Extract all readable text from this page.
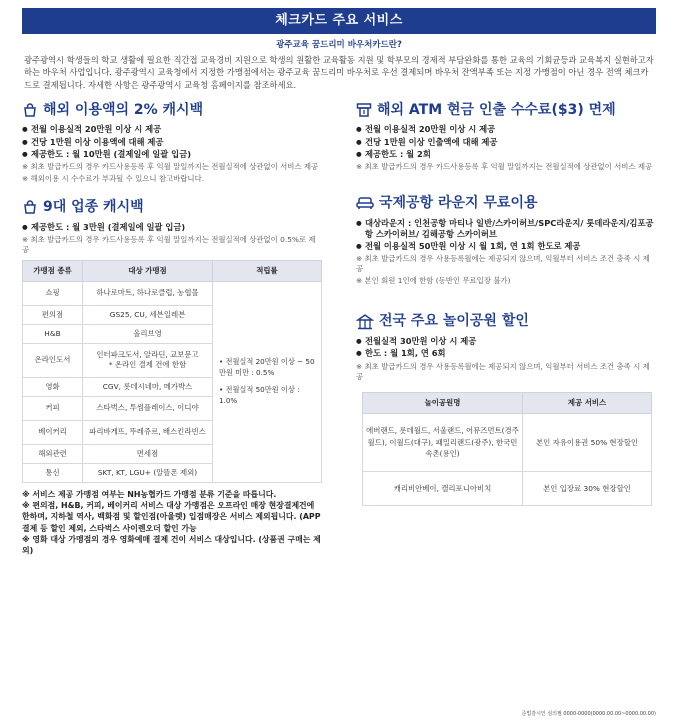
체크카드 주요 서비스
광주교육 꿈드리미 바우처카드란?
광주광역시 학생들의 학교 생활에 필요한 직간접 교육경비 지원으로 학생의 원활한 교육활동 지원 및 학부모의 경제적 부담완화를 통한 교육의 기회균등과 교육복지 실현하고자 하는 바우처 사업입니다. 광주광역시 교육청에서 지정한 가맹점에서는 광주교육 꿈드리미 바우처로 우선 결제되며 바우처 잔액부족 또는 지정 가맹점이 아닌 경우 전액 체크카드로 결제됩니다. 자세한 사항은 광주광역시 교육청 홈페이지를 참조하세요.
해외 이용액의 2% 캐시백
● 전월 이용실적 20만원 이상 시 제공
● 건당 1만원 이상 이용액에 대해 제공
● 제공한도 : 월 10만원 (결제일에 일괄 입금)
※ 최초 발급카드의 경우 카드사용등록 후 익월 말일까지는 전월실적에 상관없이 서비스 제공
※ 해외이용 시 수수료가 부과될 수 있으니 참고바랍니다.
9대 업종 캐시백
● 제공한도 : 월 3만원 (결제일에 일괄 입금)
※ 최초 발급카드의 경우 카드사용등록 후 익월 말일까지는 전월실적에 상관없이 0.5%로 제공
가맹점 종류	대상 가맹점	적립률
쇼핑	하나로마트, 하나로클럽, 농협몰	• 전월실적 20만원 이상 ~ 50만원 미만 : 0.5%
• 전월실적 50만원 이상 : 1.0%

편의점	GS25, CU, 세븐일레븐	
H&B	올리브영	
온라인도서	인터파크도서, 알라딘, 교보문고
* 온라인 결제 건에 한함	

영화	CGV, 롯데시네마, 메가박스	
커피	스타벅스, 투썸플레이스, 이디야	
베이커리	파리바게뜨, 뚜레쥬르, 배스킨라빈스	
해외관련	면세점	
통신	SKT, KT, LGU+ (알뜰폰 제외)	
※ 서비스 제공 가맹점 여부는 NH농협카드 가맹점 분류 기준을 따릅니다.
※ 편의점, H&B, 커피, 베이커리 서비스 대상 가맹점은 오프라인 매장 현장결제건에 한하며, 지하철 역사, 백화점 및 할인점(아울렛) 입점매장은 서비스 제외됩니다. (APP결제 등 할인 제외, 스타벅스 사이렌오더 할인 가능
※ 영화 대상 가맹점의 경우 영화예매 결제 건이 서비스 대상입니다. (상품권 구매는 제외)
해외 ATM 현금 인출 수수료($3) 면제
● 전월 이용실적 20만원 이상 시 제공
● 건당 1만원 이상 인출액에 대해 제공
● 제공한도 : 월 2회
※ 최초 발급카드의 경우 카드사용등록 후 익월 말일까지는 전월실적에 상관없이 서비스 제공
국제공항 라운지 무료이용
● 대상라운지 : 인천공항 마티나 일반/스카이허브/SPC라운지/ 롯데라운지/김포공항 스카이허브/ 김해공항 스카이허브
● 전월 이용실적 50만원 이상 시 월 1회, 연 1회 한도로 제공
※ 최초 발급카드의 경우 사용등록월에는 제공되지 않으며, 익월부터 서비스 조건 충족 시 제공
※ 본인 회원 1인에 한함 (동반인 무료입장 불가)
전국 주요 놀이공원 할인
● 전월실적 30만원 이상 시 제공
● 한도 : 월 1회, 연 6회
※ 최초 발급카드의 경우 사용등록월에는 제공되지 않으며, 익월부터 서비스 조건 충족 시 제공
놀이공원명	제공 서비스
에버랜드, 롯데월드, 서울랜드, 어뮤즈먼트(경주월드), 이월드(대구), 패밀리랜드(광주), 한국민속촌(용인)	본인 자유이용권 50% 현장할인
캐리비안베이, 캘리포니아비치	본인 입장료 30% 현장할인
준법감시인 심의필 0000-0000(0000.00.00~0000.00.00)
